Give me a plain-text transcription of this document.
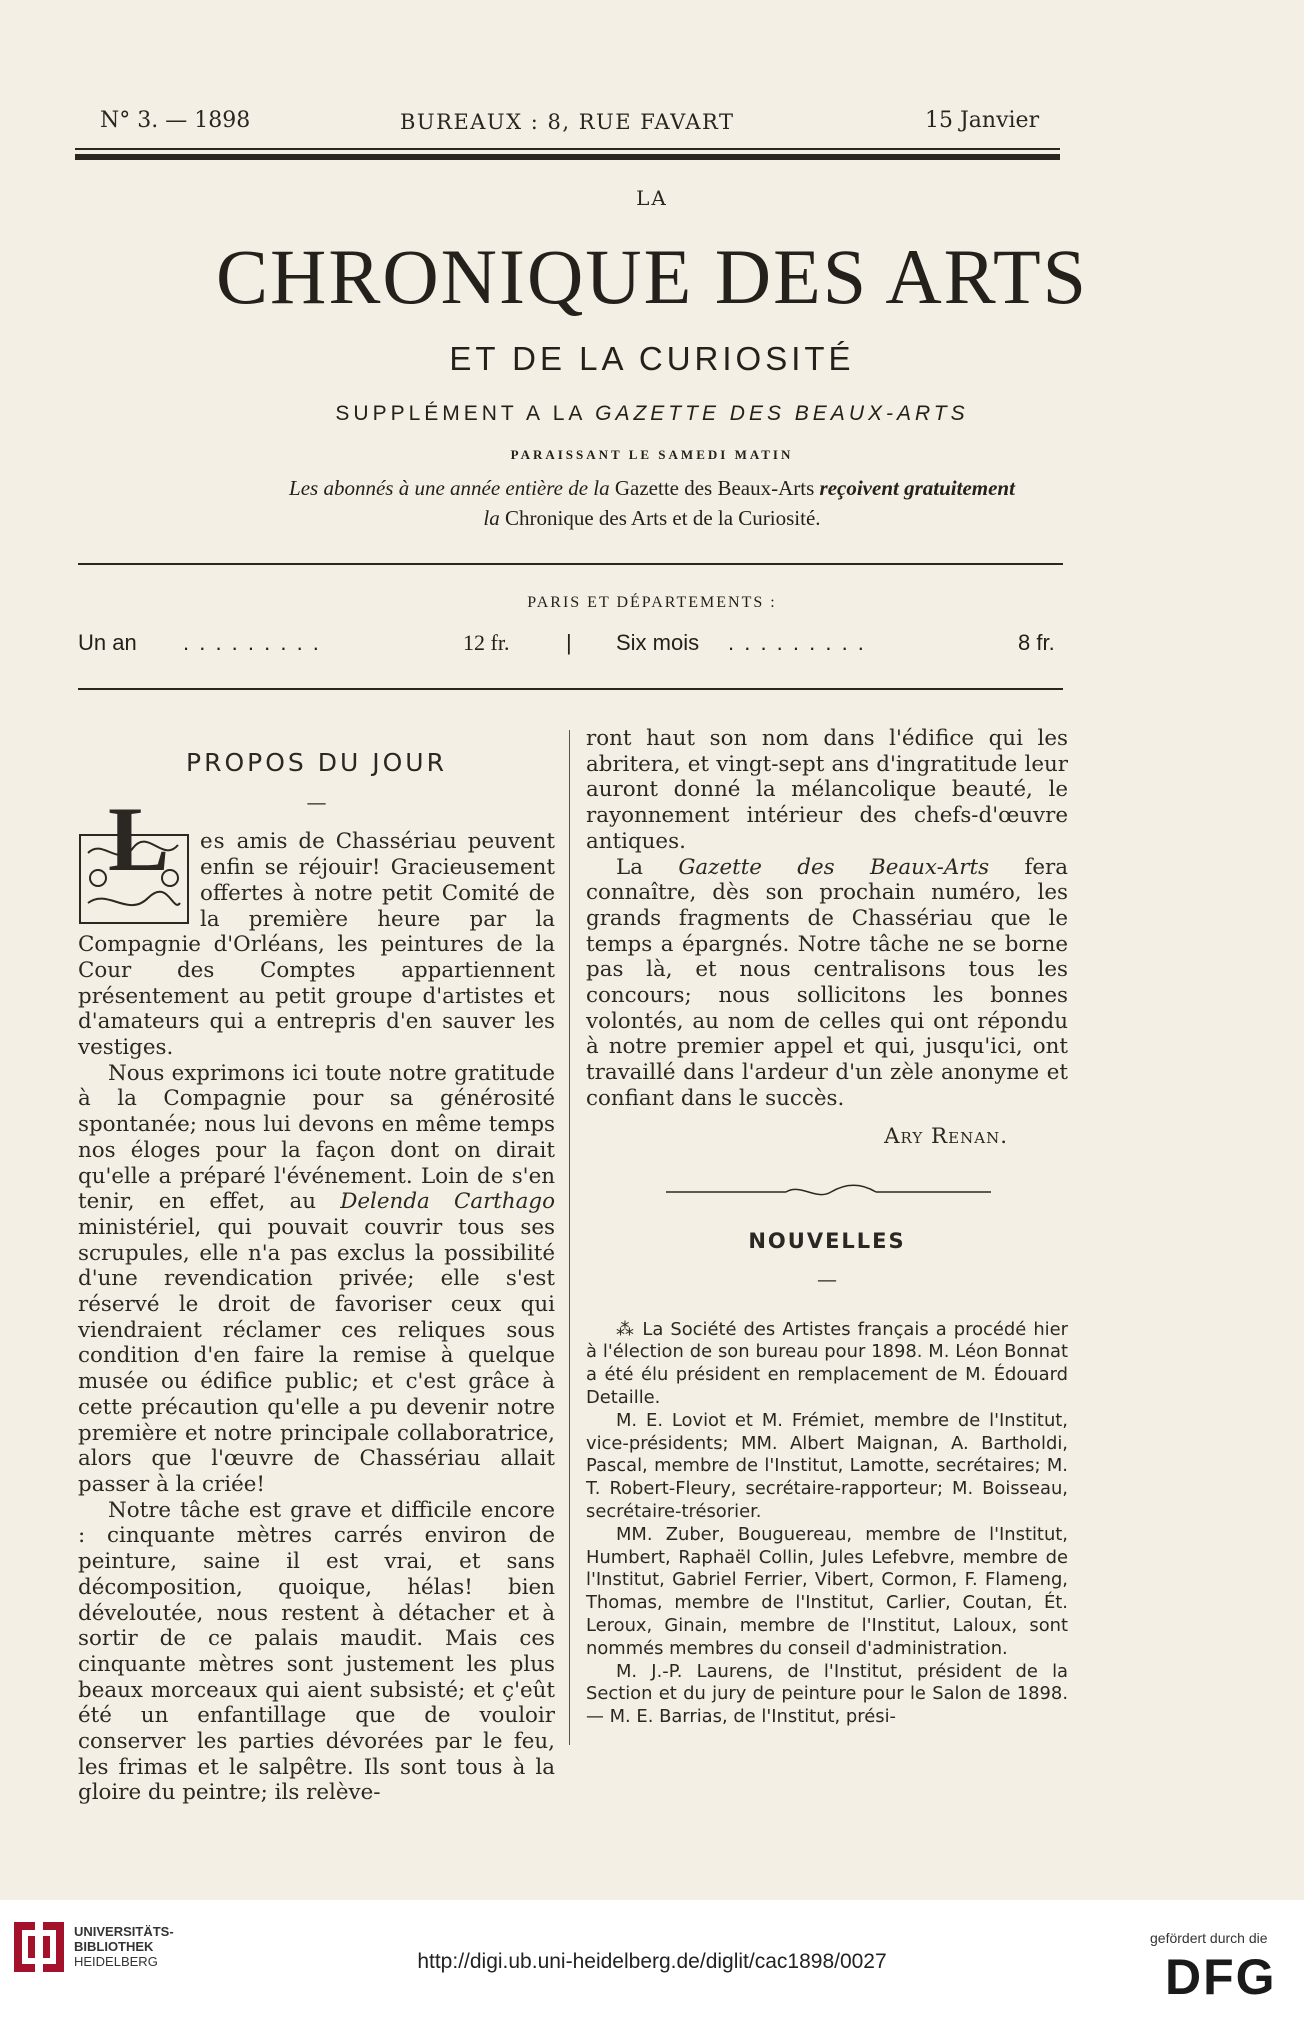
N° 3. — 1898	BUREAUX : 8, RUE FAVART	15 Janvier
LA
CHRONIQUE DES ARTS
ET DE LA CURIOSITÉ
SUPPLÉMENT A LA GAZETTE DES BEAUX-ARTS
PARAISSANT LE SAMEDI MATIN
Les abonnés à une année entière de la Gazette des Beaux-Arts reçoivent gratuitement
la Chronique des Arts et de la Curiosité.
PARIS ET DÉPARTEMENTS :
Un an . . . . . . . . .	12 fr.	| Six mois . . . . . . . . .	8 fr.
PROPOS DU JOUR
—

L es amis de Chassériau peuvent enfin se réjouir! Gracieusement offertes à notre petit Comité de la première heure par la Compagnie d'Orléans, les peintures de la Cour des Comptes appartiennent présentement au petit groupe d'artistes et d'amateurs qui a entrepris d'en sauver les vestiges.

Nous exprimons ici toute notre gratitude à la Compagnie pour sa générosité spontanée; nous lui devons en même temps nos éloges pour la façon dont on dirait qu'elle a préparé l'événement. Loin de s'en tenir, en effet, au Delenda Carthago ministériel, qui pouvait couvrir tous ses scrupules, elle n'a pas exclus la possibilité d'une revendication privée; elle s'est réservé le droit de favoriser ceux qui viendraient réclamer ces reliques sous condition d'en faire la remise à quelque musée ou édifice public; et c'est grâce à cette précaution qu'elle a pu devenir notre première et notre principale collaboratrice, alors que l'œuvre de Chassériau allait passer à la criée!

Notre tâche est grave et difficile encore : cinquante mètres carrés environ de peinture, saine il est vrai, et sans décomposition, quoique, hélas! bien déveloutée, nous restent à détacher et à sortir de ce palais maudit. Mais ces cinquante mètres sont justement les plus beaux morceaux qui aient subsisté; et ç'eût été un enfantillage que de vouloir conserver les parties dévorées par le feu, les frimas et le salpêtre. Ils sont tous à la gloire du peintre; ils relève-

ront haut son nom dans l'édifice qui les abritera, et vingt-sept ans d'ingratitude leur auront donné la mélancolique beauté, le rayonnement intérieur des chefs-d'œuvre antiques.

La Gazette des Beaux-Arts fera connaître, dès son prochain numéro, les grands fragments de Chassériau que le temps a épargnés. Notre tâche ne se borne pas là, et nous centralisons tous les concours; nous sollicitons les bonnes volontés, au nom de celles qui ont répondu à notre premier appel et qui, jusqu'ici, ont travaillé dans l'ardeur d'un zèle anonyme et confiant dans le succès.

Ary Renan.
NOUVELLES
—

⁂ La Société des Artistes français a procédé hier à l'élection de son bureau pour 1898. M. Léon Bonnat a été élu président en remplacement de M. Édouard Detaille.

M. E. Loviot et M. Frémiet, membre de l'Institut, vice-présidents; MM. Albert Maignan, A. Bartholdi, Pascal, membre de l'Institut, Lamotte, secrétaires; M. T. Robert-Fleury, secrétaire-rapporteur; M. Boisseau, secrétaire-trésorier.

MM. Zuber, Bouguereau, membre de l'Institut, Humbert, Raphaël Collin, Jules Lefebvre, membre de l'Institut, Gabriel Ferrier, Vibert, Cormon, F. Flameng, Thomas, membre de l'Institut, Carlier, Coutan, Ét. Leroux, Ginain, membre de l'Institut, Laloux, sont nommés membres du conseil d'administration.

M. J.-P. Laurens, de l'Institut, président de la Section et du jury de peinture pour le Salon de 1898. — M. E. Barrias, de l'Institut, prési-

UNIVERSITÄTS-
BIBLIOTHEK
HEIDELBERG	http://digi.ub.uni-heidelberg.de/diglit/cac1898/0027
gefördert durch die
DFG
